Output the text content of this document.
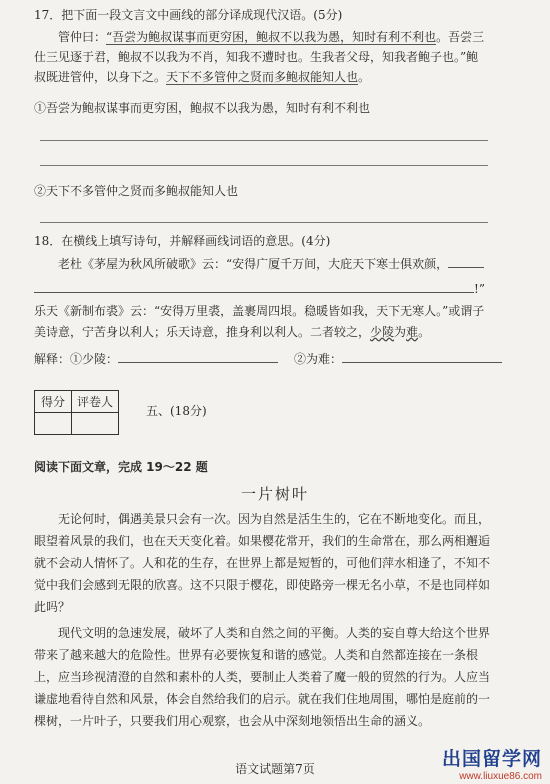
17．把下面一段文言文中画线的部分译成现代汉语。(5分)
管仲曰：“吾尝为鲍叔谋事而更穷困，鲍叔不以我为愚，知时有利不利也。吾尝三
仕三见逐于君，鲍叔不以我为不肖，知我不遭时也。生我者父母，知我者鲍子也。”鲍
叔既进管仲，以身下之。天下不多管仲之贤而多鲍叔能知人也。
①吾尝为鲍叔谋事而更穷困，鲍叔不以我为愚，知时有利不利也
②天下不多管仲之贤而多鲍叔能知人也
18．在横线上填写诗句，并解释画线词语的意思。(4分)
老杜《茅屋为秋风所破歌》云：“安得广厦千万间，大庇天下寒士俱欢颜，
!”
乐天《新制布裘》云：“安得万里裘，盖裹周四垠。稳暖皆如我，天下无寒人。”或谓子
美诗意，宁苦身以利人；乐天诗意，推身利以利人。二者较之，少陵为难。
解释：①少陵：	②为难：
得分	评卷人

五、(18分)
阅读下面文章，完成 19～22 题
一片树叶
无论何时，偶遇美景只会有一次。因为自然是活生生的，它在不断地变化。而且，
眼望着风景的我们，也在天天变化着。如果樱花常开，我们的生命常在，那么两相邂逅
就不会动人情怀了。人和花的生存，在世界上都是短暂的，可他们萍水相逢了，不知不
觉中我们会感到无限的欣喜。这不只限于樱花，即使路旁一棵无名小草，不是也同样如
此吗？
现代文明的急速发展，破坏了人类和自然之间的平衡。人类的妄自尊大给这个世界
带来了越来越大的危险性。世界有必要恢复和谐的感觉。人类和自然都连接在一条根
上，应当珍视清澄的自然和素朴的人类，要制止人类着了魔一般的贸然的行为。人应当
谦虚地看待自然和风景，体会自然给我们的启示。就在我们住地周围，哪怕是庭前的一
棵树，一片叶子，只要我们用心观察，也会从中深刻地领悟出生命的涵义。
语文试题第7页	出国留学网
www.liuxue86.com
